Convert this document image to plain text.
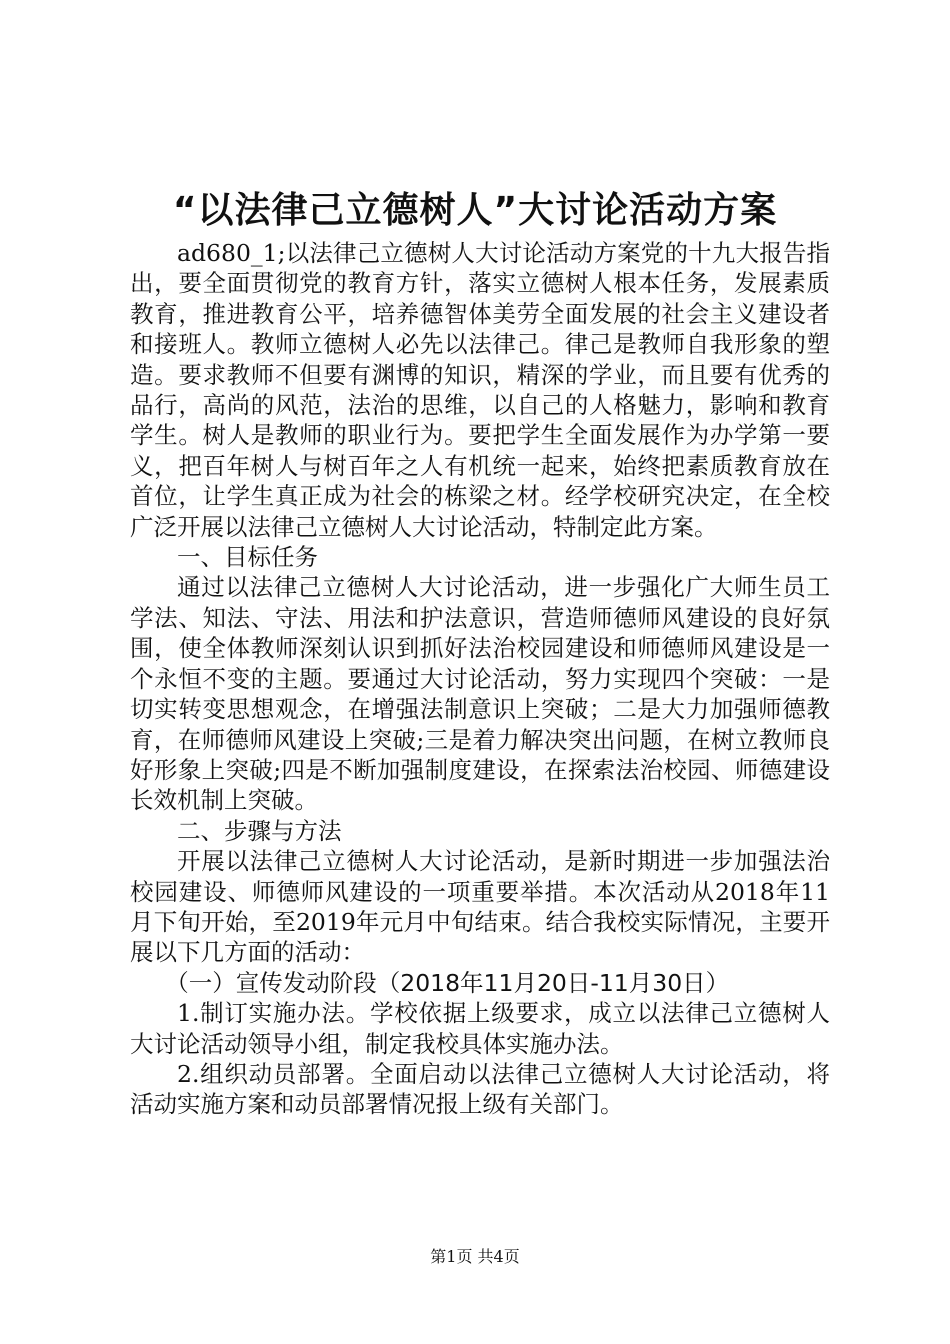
“以法律己立德树人”大讨论活动方案

ad680_1;以法律己立德树人大讨论活动方案党的十九大报告指出，要全面贯彻党的教育方针，落实立德树人根本任务，发展素质教育，推进教育公平，培养德智体美劳全面发展的社会主义建设者和接班人。教师立德树人必先以法律己。律己是教师自我形象的塑造。要求教师不但要有渊博的知识，精深的学业，而且要有优秀的品行，高尚的风范，法治的思维，以自己的人格魅力，影响和教育学生。树人是教师的职业行为。要把学生全面发展作为办学第一要义，把百年树人与树百年之人有机统一起来，始终把素质教育放在首位，让学生真正成为社会的栋梁之材。经学校研究决定，在全校广泛开展以法律己立德树人大讨论活动，特制定此方案。

一、目标任务

通过以法律己立德树人大讨论活动，进一步强化广大师生员工学法、知法、守法、用法和护法意识，营造师德师风建设的良好氛围，使全体教师深刻认识到抓好法治校园建设和师德师风建设是一个永恒不变的主题。要通过大讨论活动，努力实现四个突破：一是切实转变思想观念，在增强法制意识上突破；二是大力加强师德教育，在师德师风建设上突破;三是着力解决突出问题，在树立教师良好形象上突破;四是不断加强制度建设，在探索法治校园、师德建设长效机制上突破。

二、步骤与方法

开展以法律己立德树人大讨论活动，是新时期进一步加强法治校园建设、师德师风建设的一项重要举措。本次活动从2018年11月下旬开始，至2019年元月中旬结束。结合我校实际情况，主要开展以下几方面的活动：

（一）宣传发动阶段（2018年11月20日-11月30日）

1.制订实施办法。学校依据上级要求，成立以法律己立德树人大讨论活动领导小组，制定我校具体实施办法。

2.组织动员部署。全面启动以法律己立德树人大讨论活动，将活动实施方案和动员部署情况报上级有关部门。

第1页 共4页
